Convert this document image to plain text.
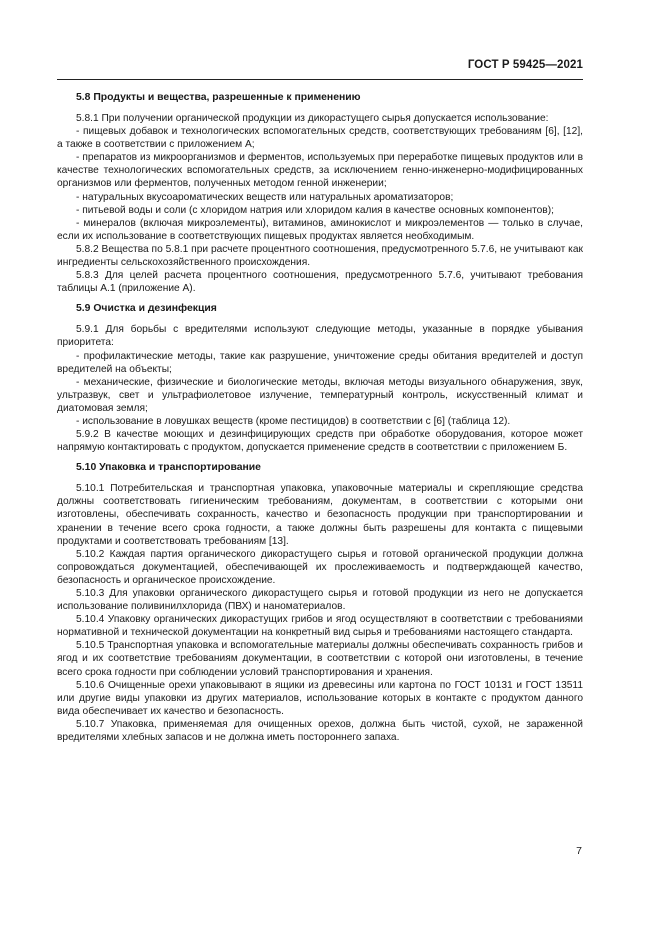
ГОСТ Р 59425—2021
5.8 Продукты и вещества, разрешенные к применению

5.8.1 При получении органической продукции из дикорастущего сырья допускается использование:

- пищевых добавок и технологических вспомогательных средств, соответствующих требованиям [6], [12], а также в соответствии с приложением А;

- препаратов из микроорганизмов и ферментов, используемых при переработке пищевых продуктов или в качестве технологических вспомогательных средств, за исключением генно-инженерно-модифицированных организмов или ферментов, полученных методом генной инженерии;

- натуральных вкусоароматических веществ или натуральных ароматизаторов;

- питьевой воды и соли (с хлоридом натрия или хлоридом калия в качестве основных компонентов);

- минералов (включая микроэлементы), витаминов, аминокислот и микроэлементов — только в случае, если их использование в соответствующих пищевых продуктах является необходимым.

5.8.2 Вещества по 5.8.1 при расчете процентного соотношения, предусмотренного 5.7.6, не учитывают как ингредиенты сельскохозяйственного происхождения.

5.8.3 Для целей расчета процентного соотношения, предусмотренного 5.7.6, учитывают требования таблицы А.1 (приложение А).

5.9 Очистка и дезинфекция

5.9.1 Для борьбы с вредителями используют следующие методы, указанные в порядке убывания приоритета:

- профилактические методы, такие как разрушение, уничтожение среды обитания вредителей и доступ вредителей на объекты;

- механические, физические и биологические методы, включая методы визуального обнаружения, звук, ультразвук, свет и ультрафиолетовое излучение, температурный контроль, искусственный климат и диатомовая земля;

- использование в ловушках веществ (кроме пестицидов) в соответствии с [6] (таблица 12).

5.9.2 В качестве моющих и дезинфицирующих средств при обработке оборудования, которое может напрямую контактировать с продуктом, допускается применение средств в соответствии с приложением Б.

5.10 Упаковка и транспортирование

5.10.1 Потребительская и транспортная упаковка, упаковочные материалы и скрепляющие средства должны соответствовать гигиеническим требованиям, документам, в соответствии с которыми они изготовлены, обеспечивать сохранность, качество и безопасность продукции при транспортировании и хранении в течение всего срока годности, а также должны быть разрешены для контакта с пищевыми продуктами и соответствовать требованиям [13].

5.10.2 Каждая партия органического дикорастущего сырья и готовой органической продукции должна сопровождаться документацией, обеспечивающей их прослеживаемость и подтверждающей качество, безопасность и органическое происхождение.

5.10.3 Для упаковки органического дикорастущего сырья и готовой продукции из него не допускается использование поливинилхлорида (ПВХ) и наноматериалов.

5.10.4 Упаковку органических дикорастущих грибов и ягод осуществляют в соответствии с требованиями нормативной и технической документации на конкретный вид сырья и требованиями настоящего стандарта.

5.10.5 Транспортная упаковка и вспомогательные материалы должны обеспечивать сохранность грибов и ягод и их соответствие требованиям документации, в соответствии с которой они изготовлены, в течение всего срока годности при соблюдении условий транспортирования и хранения.

5.10.6 Очищенные орехи упаковывают в ящики из древесины или картона по ГОСТ 10131 и ГОСТ 13511 или другие виды упаковки из других материалов, использование которых в контакте с продуктом данного вида обеспечивает их качество и безопасность.

5.10.7 Упаковка, применяемая для очищенных орехов, должна быть чистой, сухой, не зараженной вредителями хлебных запасов и не должна иметь постороннего запаха.

7
